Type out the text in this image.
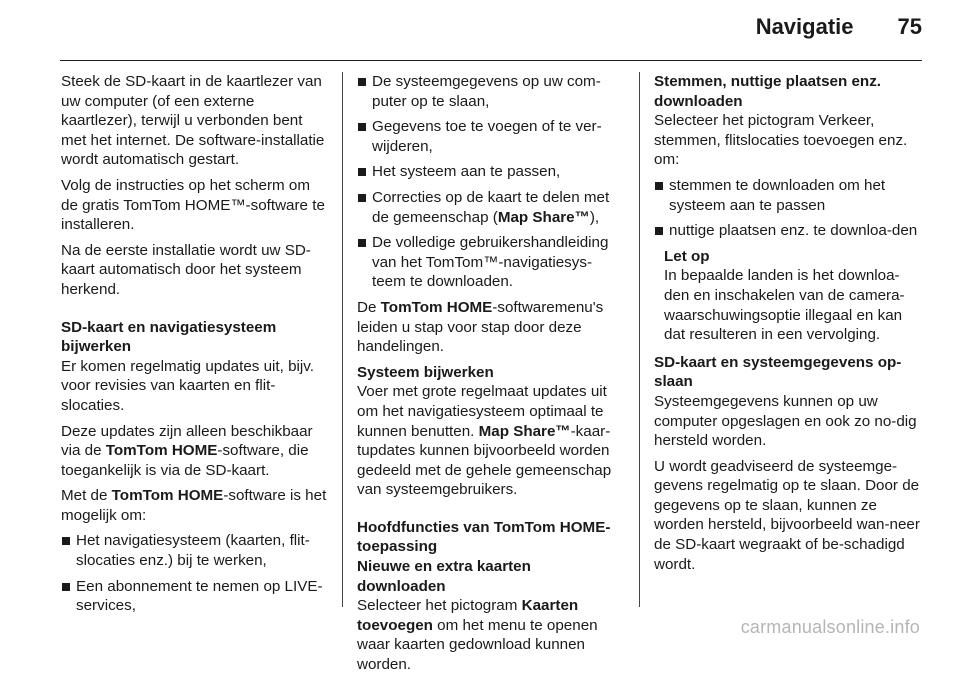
Navigatie 75

Steek de SD-kaart in de kaartlezer van uw computer (of een externe kaartlezer), terwijl u verbonden bent met het internet. De software-installatie wordt automatisch gestart.

Volg de instructies op het scherm om de gratis TomTom HOME™-software te installeren.

Na de eerste installatie wordt uw SD-kaart automatisch door het systeem herkend.

SD-kaart en navigatiesysteem bijwerken

Er komen regelmatig updates uit, bijv. voor revisies van kaarten en flit-slocaties.

Deze updates zijn alleen beschikbaar via de TomTom HOME-software, die toegankelijk is via de SD-kaart.

Met de TomTom HOME-software is het mogelijk om:

Het navigatiesysteem (kaarten, flit-slocaties enz.) bij te werken,
Een abonnement te nemen op LIVE-services,
De systeemgegevens op uw com-puter op te slaan,
Gegevens toe te voegen of te ver-wijderen,
Het systeem aan te passen,
Correcties op de kaart te delen met de gemeenschap (Map Share™),
De volledige gebruikershandleiding van het TomTom™-navigatiesys-teem te downloaden.

De TomTom HOME-softwaremenu's leiden u stap voor stap door deze handelingen.

Systeem bijwerken

Voer met grote regelmaat updates uit om het navigatiesysteem optimaal te kunnen benutten. Map Share™-kaar-tupdates kunnen bijvoorbeeld worden gedeeld met de gehele gemeenschap van systeemgebruikers.

Hoofdfuncties van TomTom HOME-toepassing

Nieuwe en extra kaarten downloaden

Selecteer het pictogram Kaarten toevoegen om het menu te openen waar kaarten gedownload kunnen worden.

Stemmen, nuttige plaatsen enz. downloaden

Selecteer het pictogram Verkeer, stemmen, flitslocaties toevoegen enz. om:

stemmen te downloaden om het systeem aan te passen
nuttige plaatsen enz. te downloa-den

Let op

In bepaalde landen is het downloa-den en inschakelen van de camera-waarschuwingsoptie illegaal en kan dat resulteren in een vervolging.

SD-kaart en systeemgegevens op-slaan

Systeemgegevens kunnen op uw computer opgeslagen en ook zo no-dig hersteld worden.

U wordt geadviseerd de systeemge-gevens regelmatig op te slaan. Door de gegevens op te slaan, kunnen ze worden hersteld, bijvoorbeeld wan-neer de SD-kaart wegraakt of be-schadigd wordt.

carmanualsonline.info
